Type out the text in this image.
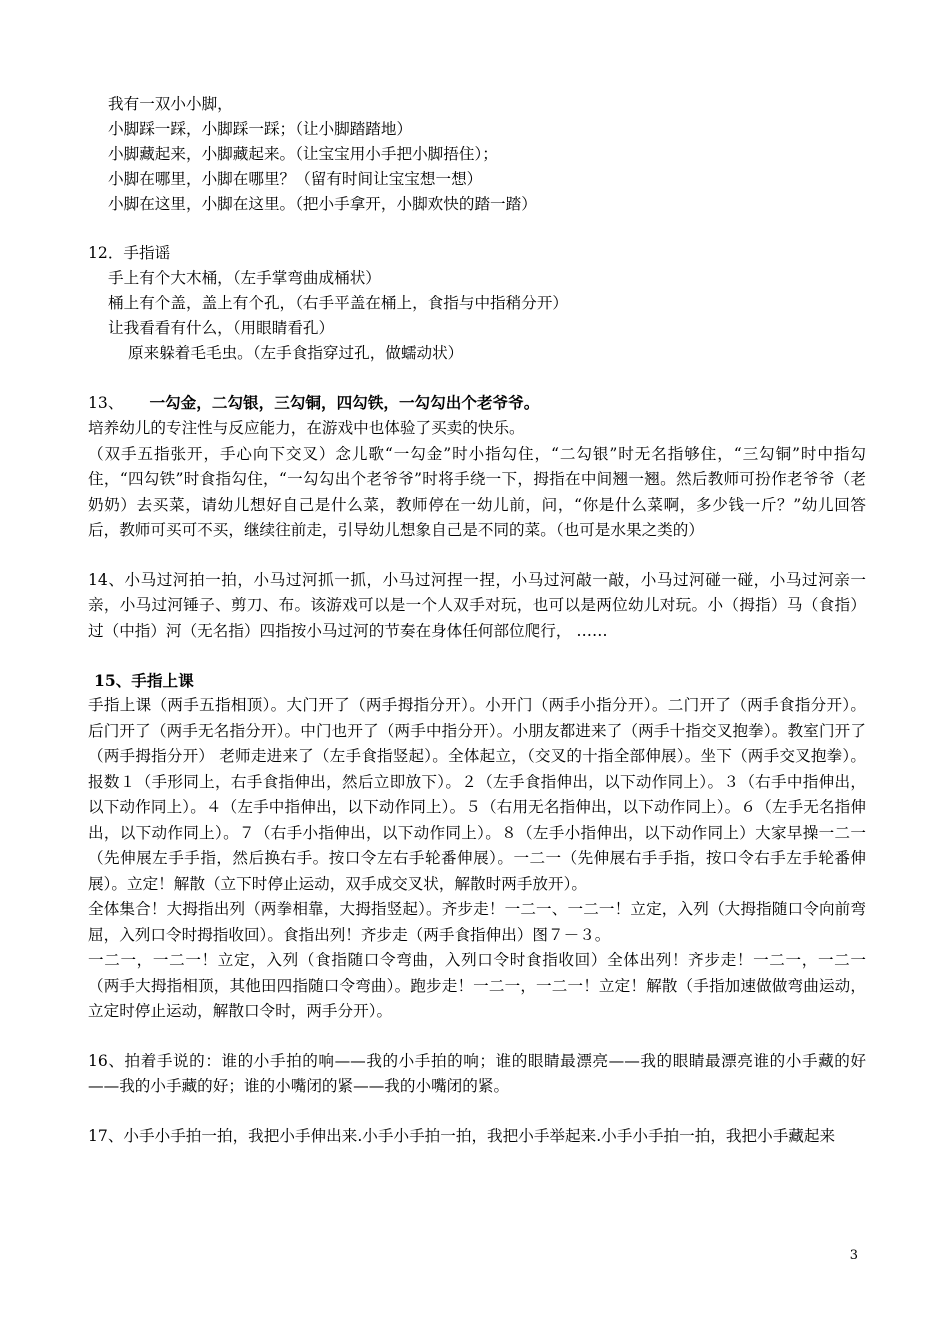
我有一双小小脚，

小脚踩一踩，小脚踩一踩；（让小脚踏踏地）

小脚藏起来，小脚藏起来。（让宝宝用小手把小脚捂住）；

小脚在哪里，小脚在哪里？（留有时间让宝宝想一想）

小脚在这里，小脚在这里。（把小手拿开，小脚欢快的踏一踏）

12．手指谣

手上有个大木桶，（左手掌弯曲成桶状）

桶上有个盖，盖上有个孔，（右手平盖在桶上，食指与中指稍分开）

让我看看有什么，（用眼睛看孔）

原来躲着毛毛虫。（左手食指穿过孔，做蠕动状）

13、 一勾金，二勾银，三勾铜，四勾铁，一勾勾出个老爷爷。

培养幼儿的专注性与反应能力，在游戏中也体验了买卖的快乐。

（双手五指张开，手心向下交叉）念儿歌“一勾金”时小指勾住，“二勾银”时无名指够住，“三勾铜”时中指勾住，“四勾铁”时食指勾住，“一勾勾出个老爷爷”时将手绕一下，拇指在中间翘一翘。然后教师可扮作老爷爷（老奶奶）去买菜，请幼儿想好自己是什么菜，教师停在一幼儿前，问，“你是什么菜啊，多少钱一斤？”幼儿回答后，教师可买可不买，继续往前走，引导幼儿想象自己是不同的菜。（也可是水果之类的）

14、小马过河拍一拍，小马过河抓一抓，小马过河捏一捏，小马过河敲一敲，小马过河碰一碰，小马过河亲一亲，小马过河锤子、剪刀、布。该游戏可以是一个人双手对玩，也可以是两位幼儿对玩。小（拇指）马（食指）过（中指）河（无名指）四指按小马过河的节奏在身体任何部位爬行， ……

15、手指上课

手指上课（两手五指相顶）。大门开了（两手拇指分开）。小开门（两手小指分开）。二门开了（两手食指分开）。 后门开了（两手无名指分开）。中门也开了（两手中指分开）。小朋友都进来了（两手十指交叉抱拳）。教室门开了（两手拇指分开） 老师走进来了（左手食指竖起）。全体起立，（交叉的十指全部伸展）。坐下（两手交叉抱拳）。 报数１（手形同上，右手食指伸出，然后立即放下）。２（左手食指伸出，以下动作同上）。３（右手中指伸出，以下动作同上）。４（左手中指伸出，以下动作同上）。５（右用无名指伸出，以下动作同上）。６（左手无名指伸出，以下动作同上）。７（右手小指伸出，以下动作同上）。８（左手小指伸出，以下动作同上）大家早操一二一（先伸展左手手指，然后换右手。按口令左右手轮番伸展）。一二一（先伸展右手手指，按口令右手左手轮番伸展）。立定！解散（立下时停止运动，双手成交叉状，解散时两手放开）。

全体集合！大拇指出列（两拳相靠，大拇指竖起）。齐步走！一二一、一二一！立定，入列（大拇指随口令向前弯屈，入列口令时拇指收回）。食指出列！齐步走（两手食指伸出）图７－３。

一二一，一二一！立定，入列（食指随口令弯曲，入列口令时食指收回）全体出列！齐步走！一二一，一二一（两手大拇指相顶，其他田四指随口令弯曲）。跑步走！一二一，一二一！立定！解散（手指加速做做弯曲运动，立定时停止运动，解散口令时，两手分开）。

16、拍着手说的：谁的小手拍的响——我的小手拍的响；谁的眼睛最漂亮——我的眼睛最漂亮谁的小手藏的好——我的小手藏的好；谁的小嘴闭的紧——我的小嘴闭的紧。

17、小手小手拍一拍，我把小手伸出来.小手小手拍一拍，我把小手举起来.小手小手拍一拍，我把小手藏起来

3
